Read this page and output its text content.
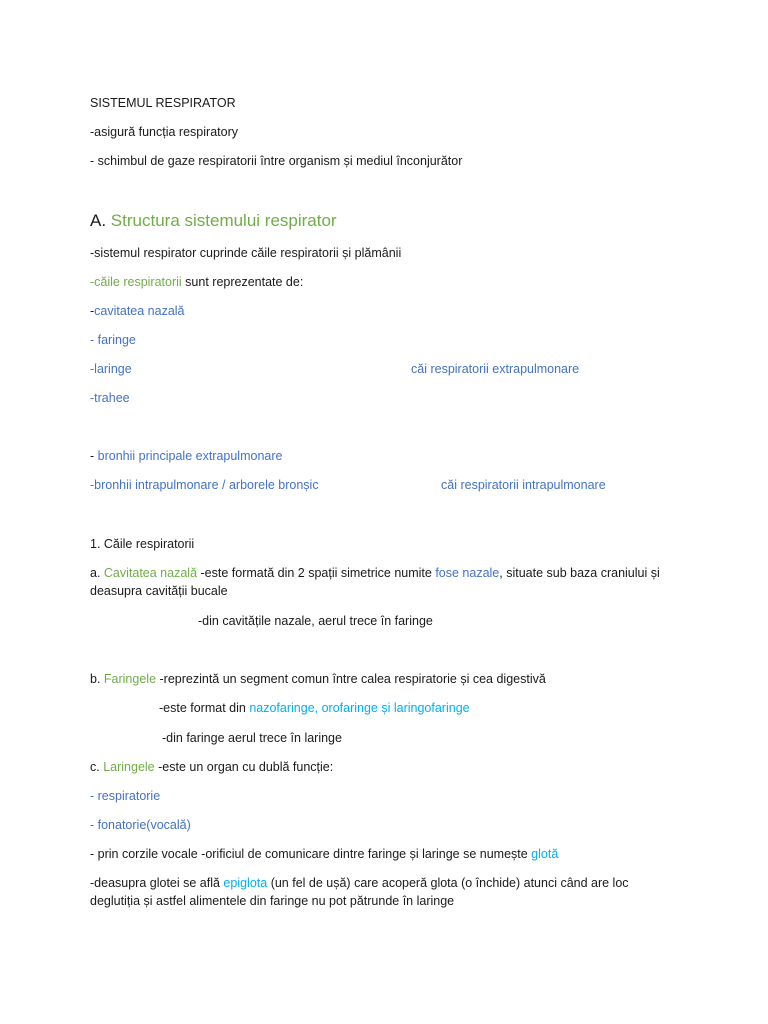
SISTEMUL RESPIRATOR
-asigură funcția respiratory
- schimbul de gaze respiratorii între organism și mediul înconjurător
A. Structura sistemului respirator
-sistemul respirator cuprinde căile respiratorii și plămânii
-căile respiratorii sunt reprezentate de:
-cavitatea nazală
- faringe
-laringe	căi respiratorii extrapulmonare
-trahee
- bronhii principale extrapulmonare
-bronhii intrapulmonare / arborele bronșic	căi respiratorii intrapulmonare
1. Căile respiratorii
a. Cavitatea nazală -este formată din 2 spații simetrice numite fose nazale, situate sub baza craniului și deasupra cavității bucale
-din cavitățile nazale, aerul trece în faringe
b. Faringele -reprezintă un segment comun între calea respiratorie și cea digestivă
-este format din nazofaringe, orofaringe și laringofaringe
-din faringe aerul trece în laringe
c. Laringele -este un organ cu dublă funcție:
- respiratorie
- fonatorie(vocală)
- prin corzile vocale -orificiul de comunicare dintre faringe și laringe se numește glotă
-deasupra glotei se află epiglota (un fel de ușă) care acoperă glota (o închide) atunci când are loc deglutiția și astfel alimentele din faringe nu pot pătrunde în laringe
